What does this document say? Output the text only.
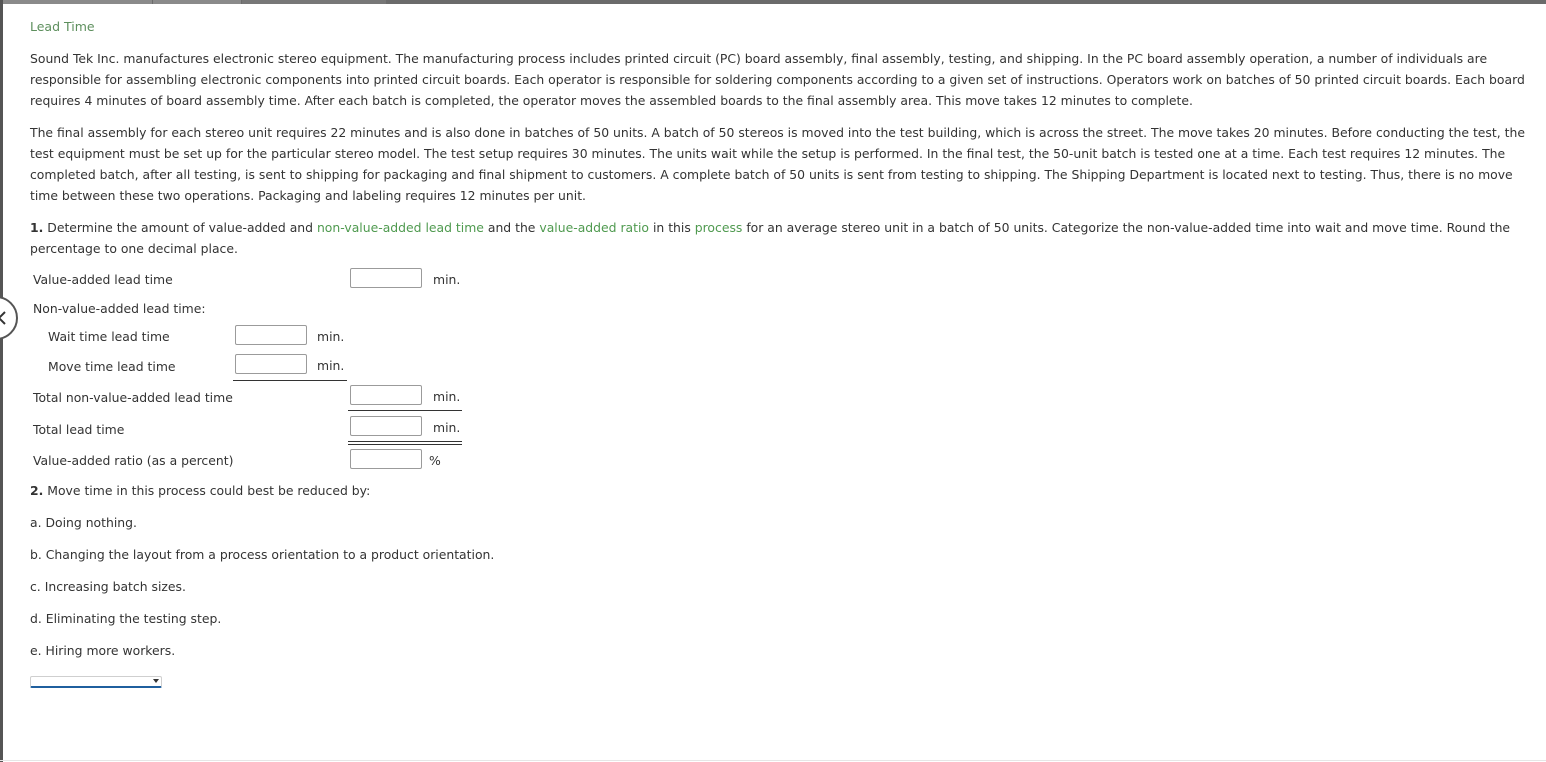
Lead Time

Sound Tek Inc. manufactures electronic stereo equipment. The manufacturing process includes printed circuit (PC) board assembly, final assembly, testing, and shipping. In the PC board assembly operation, a number of individuals are responsible for assembling electronic components into printed circuit boards. Each operator is responsible for soldering components according to a given set of instructions. Operators work on batches of 50 printed circuit boards. Each board requires 4 minutes of board assembly time. After each batch is completed, the operator moves the assembled boards to the final assembly area. This move takes 12 minutes to complete.

The final assembly for each stereo unit requires 22 minutes and is also done in batches of 50 units. A batch of 50 stereos is moved into the test building, which is across the street. The move takes 20 minutes. Before conducting the test, the test equipment must be set up for the particular stereo model. The test setup requires 30 minutes. The units wait while the setup is performed. In the final test, the 50-unit batch is tested one at a time. Each test requires 12 minutes. The completed batch, after all testing, is sent to shipping for packaging and final shipment to customers. A complete batch of 50 units is sent from testing to shipping. The Shipping Department is located next to testing. Thus, there is no move time between these two operations. Packaging and labeling requires 12 minutes per unit.

1. Determine the amount of value-added and non-value-added lead time and the value-added ratio in this process for an average stereo unit in a batch of 50 units. Categorize the non-value-added time into wait and move time. Round the percentage to one decimal place.

Value-added lead time	min.
Non-value-added lead time:
Wait time lead time	min.
Move time lead time	min.
Total non-value-added lead time	min.
Total lead time	min.
Value-added ratio (as a percent)	%
2. Move time in this process could best be reduced by:
a. Doing nothing.
b. Changing the layout from a process orientation to a product orientation.
c. Increasing batch sizes.
d. Eliminating the testing step.
e. Hiring more workers.
